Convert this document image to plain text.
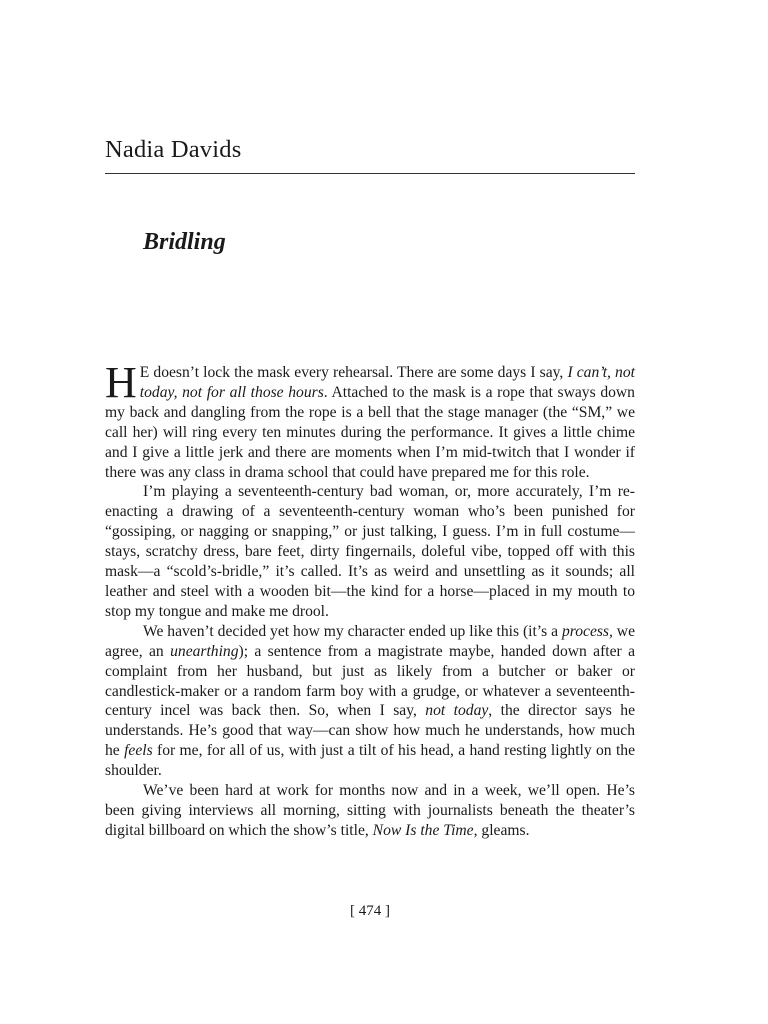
Nadia Davids
Bridling

H E doesn’t lock the mask every rehearsal. There are some days I say, I can’t, not today, not for all those hours. Attached to the mask is a rope that sways down my back and dangling from the rope is a bell that the stage manager (the “SM,” we call her) will ring every ten minutes during the performance. It gives a little chime and I give a little jerk and there are moments when I’m mid-twitch that I wonder if there was any class in drama school that could have prepared me for this role.

I’m playing a seventeenth-century bad woman, or, more accurately, I’m re-enacting a drawing of a seventeenth-century woman who’s been punished for “gossiping, or nagging or snapping,” or just talking, I guess. I’m in full costume—stays, scratchy dress, bare feet, dirty fingernails, doleful vibe, topped off with this mask—a “scold’s-bridle,” it’s called. It’s as weird and unsettling as it sounds; all leather and steel with a wooden bit—the kind for a horse—placed in my mouth to stop my tongue and make me drool.

We haven’t decided yet how my character ended up like this (it’s a process, we agree, an unearthing); a sentence from a magistrate maybe, handed down after a complaint from her husband, but just as likely from a butcher or baker or candlestick-maker or a random farm boy with a grudge, or whatever a seventeenth-century incel was back then. So, when I say, not today, the director says he understands. He’s good that way—can show how much he understands, how much he feels for me, for all of us, with just a tilt of his head, a hand resting lightly on the shoulder.

We’ve been hard at work for months now and in a week, we’ll open. He’s been giving interviews all morning, sitting with journalists beneath the theater’s digital billboard on which the show’s title, Now Is the Time, gleams.

[ 474 ]
